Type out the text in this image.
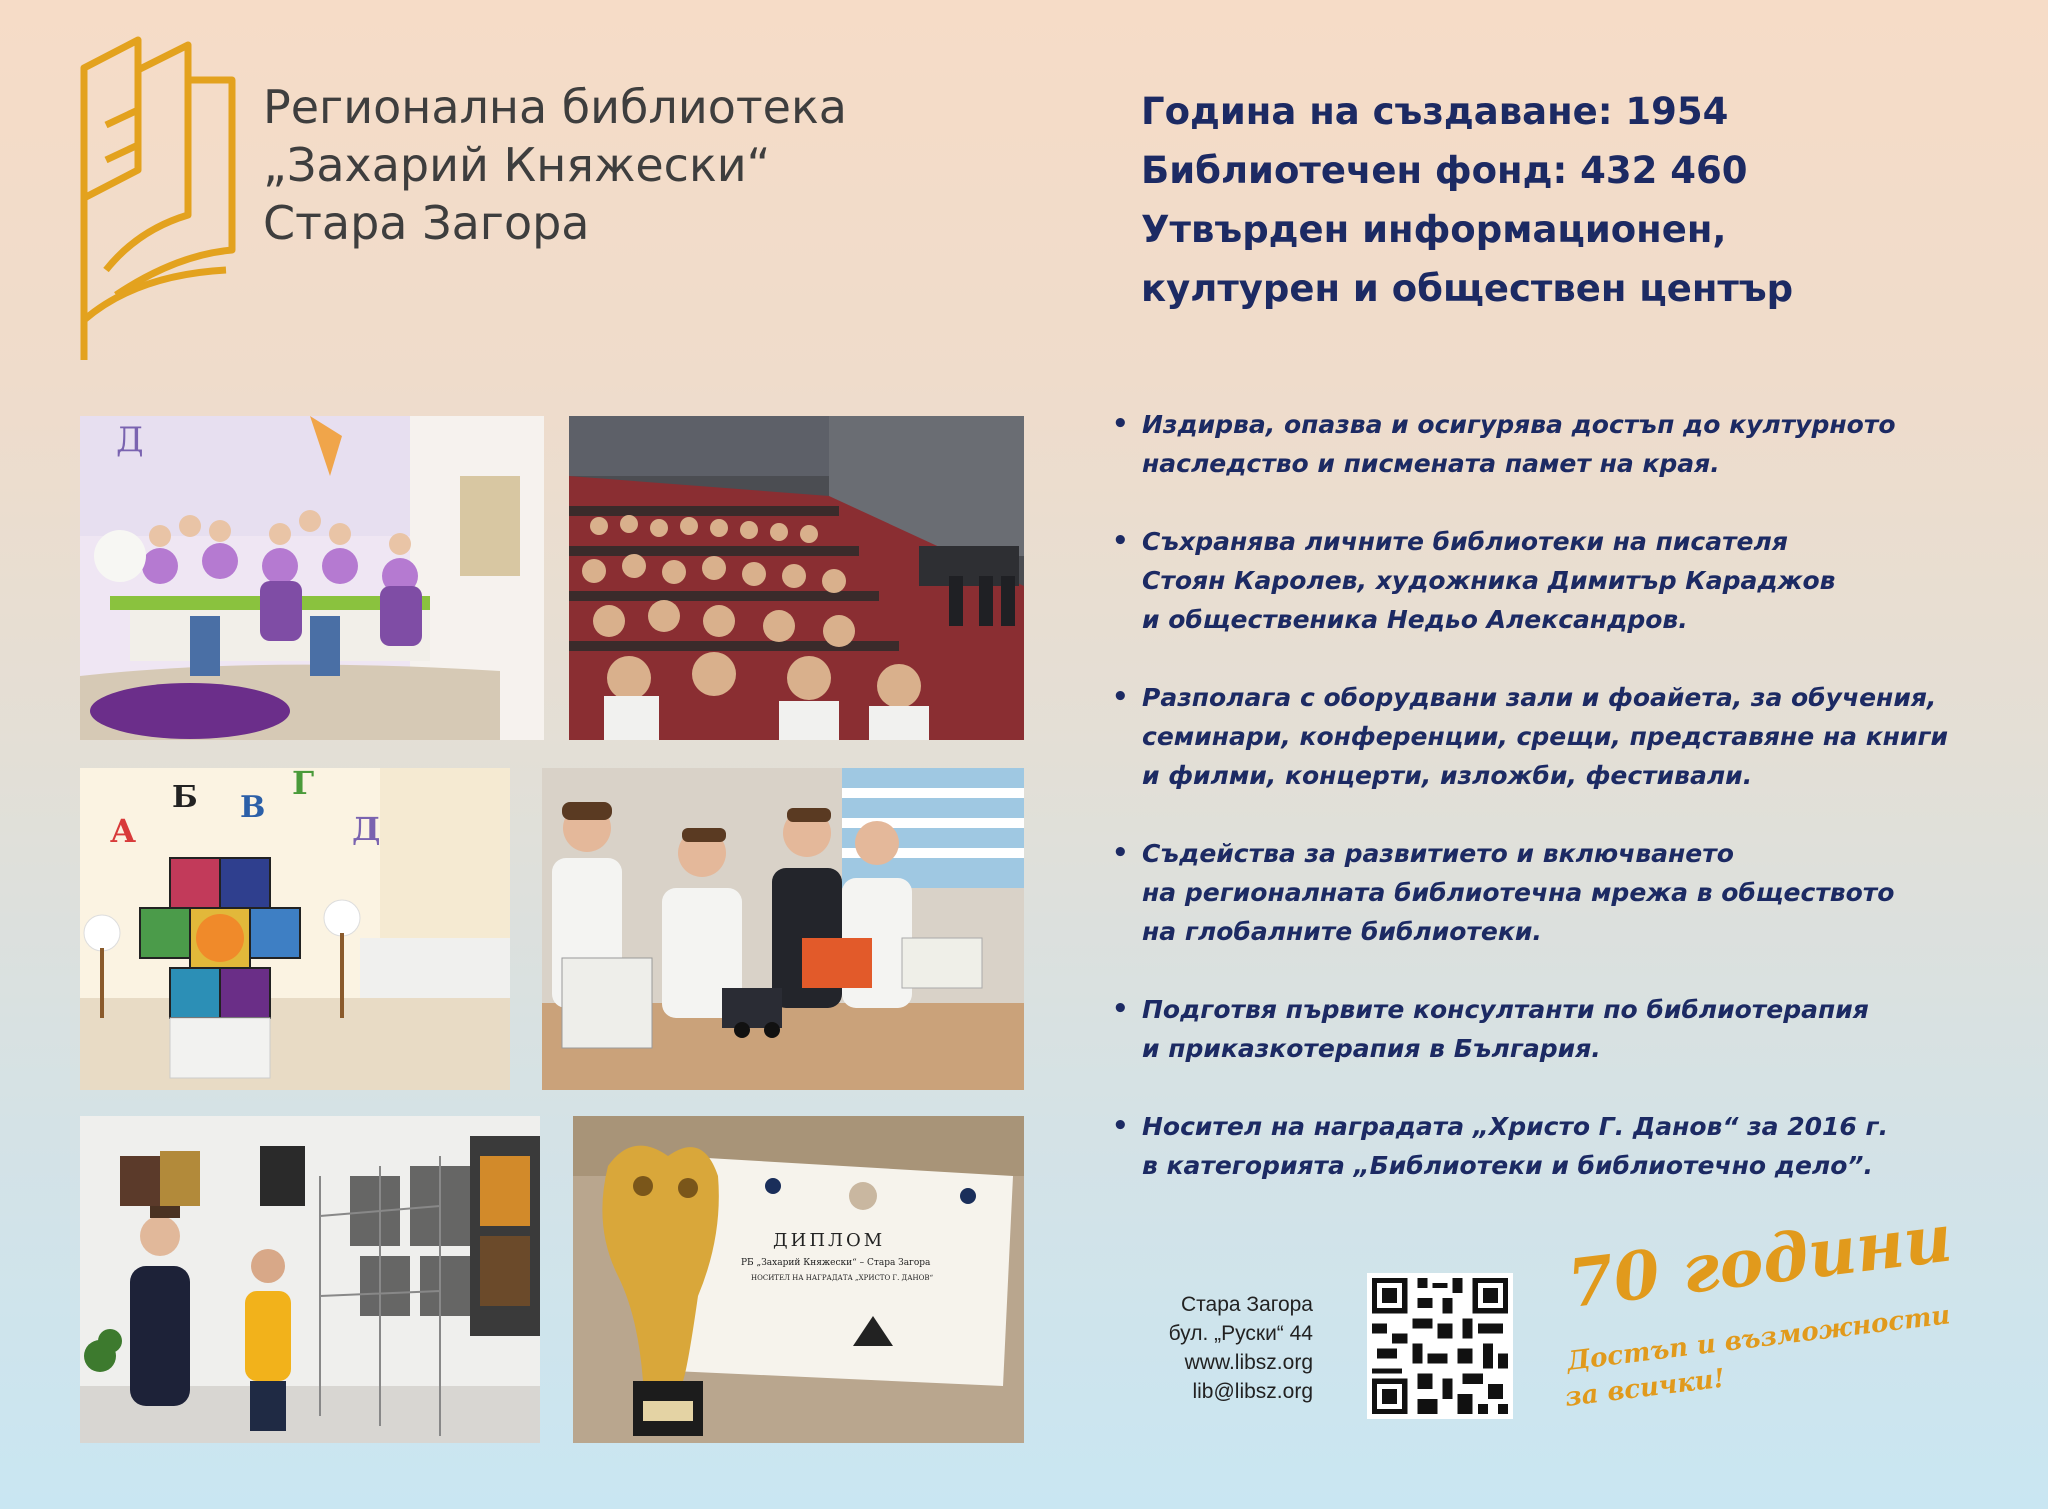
Регионална библиотека
„Захарий Княжески“
Стара Загора
Година на създаване: 1954
Библиотечен фонд: 432 460
Утвърден информационен,
културен и обществен център
• Издирва, опазва и осигурява достъп до културното
наследство и писмената памет на края.
• Съхранява личните библиотеки на писателя
Стоян Каролев, художника Димитър Караджов
и общественика Недьо Александров.
• Разполага с оборудвани зали и фоайета, за обучения,
семинари, конференции, срещи, представяне на книги
и филми, концерти, изложби, фестивали.
• Съдейства за развитието и включването
на регионалната библиотечна мрежа в обществото
на глобалните библиотеки.
• Подготвя първите консултанти по библиотерапия
и приказкотерапия в България.
• Носител на наградата „Христо Г. Данов“ за 2016 г.
в категорията „Библиотеки и библиотечно дело”.
Д
А
Б В
Г
Д
ДИПЛОМ
РБ „Захарий Княжески“ – Стара Загора
НОСИТЕЛ НА НАГРАДАТА „ХРИСТО Г. ДАНОВ“
Стара Загора
бул. „Руски“ 44
www.libsz.org
lib@libsz.org
70 години
Достъп и възможности
за всички!
